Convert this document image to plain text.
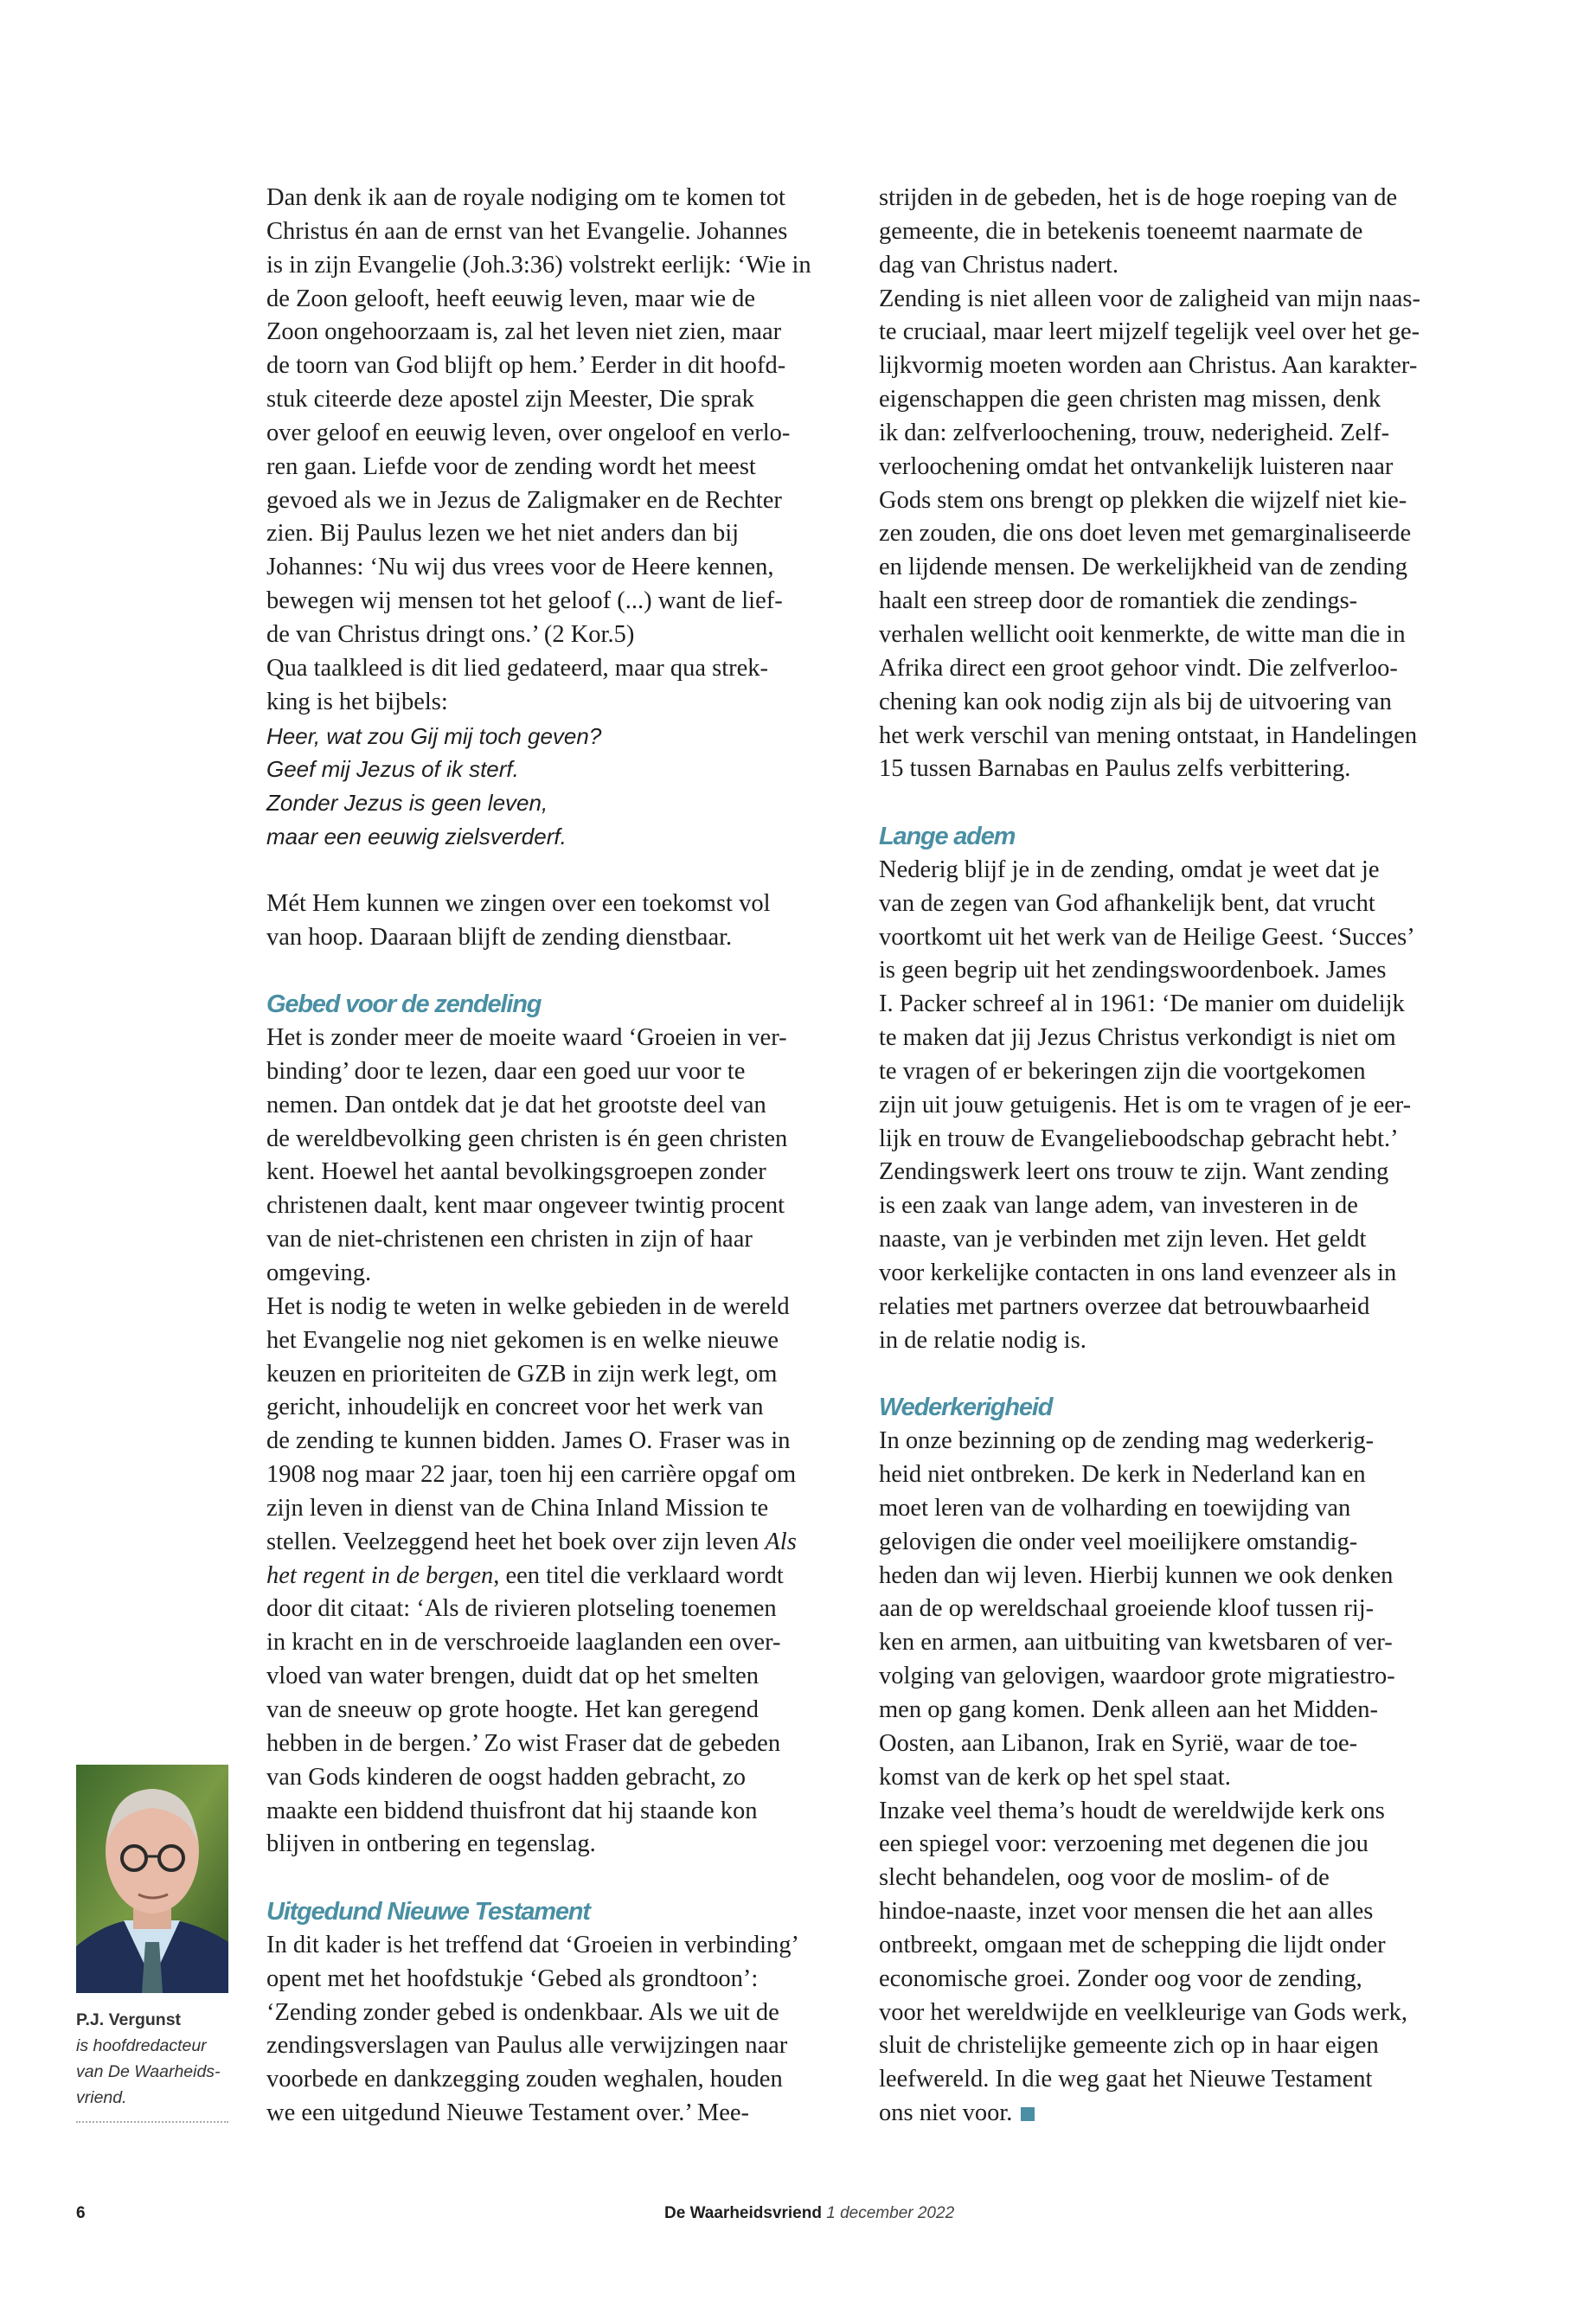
Dan denk ik aan de royale nodiging om te komen tot
Christus én aan de ernst van het Evangelie. Johannes
is in zijn Evangelie (Joh.3:36) volstrekt eerlijk: ‘Wie in
de Zoon gelooft, heeft eeuwig leven, maar wie de
Zoon ongehoorzaam is, zal het leven niet zien, maar
de toorn van God blijft op hem.’ Eerder in dit hoofd-
stuk citeerde deze apostel zijn Meester, Die sprak
over geloof en eeuwig leven, over ongeloof en verlo-
ren gaan. Liefde voor de zending wordt het meest
gevoed als we in Jezus de Zaligmaker en de Rechter
zien. Bij Paulus lezen we het niet anders dan bij
Johannes: ‘Nu wij dus vrees voor de Heere kennen,
bewegen wij mensen tot het geloof (...) want de lief-
de van Christus dringt ons.’ (2 Kor.5)
Qua taalkleed is dit lied gedateerd, maar qua strek-
king is het bijbels:
Heer, wat zou Gij mij toch geven?
Geef mij Jezus of ik sterf.
Zonder Jezus is geen leven,
maar een eeuwig zielsverderf.
Mét Hem kunnen we zingen over een toekomst vol
van hoop. Daaraan blijft de zending dienstbaar.
Gebed voor de zendeling
Het is zonder meer de moeite waard ‘Groeien in ver-
binding’ door te lezen, daar een goed uur voor te
nemen. Dan ontdek dat je dat het grootste deel van
de wereldbevolking geen christen is én geen christen
kent. Hoewel het aantal bevolkingsgroepen zonder
christenen daalt, kent maar ongeveer twintig procent
van de niet-christenen een christen in zijn of haar
omgeving.
Het is nodig te weten in welke gebieden in de wereld
het Evangelie nog niet gekomen is en welke nieuwe
keuzen en prioriteiten de GZB in zijn werk legt, om
gericht, inhoudelijk en concreet voor het werk van
de zending te kunnen bidden. James O. Fraser was in
1908 nog maar 22 jaar, toen hij een carrière opgaf om
zijn leven in dienst van de China Inland Mission te
stellen. Veelzeggend heet het boek over zijn leven Als
het regent in de bergen, een titel die verklaard wordt
door dit citaat: ‘Als de rivieren plotseling toenemen
in kracht en in de verschroeide laaglanden een over-
vloed van water brengen, duidt dat op het smelten
van de sneeuw op grote hoogte. Het kan geregend
hebben in de bergen.’ Zo wist Fraser dat de gebeden
van Gods kinderen de oogst hadden gebracht, zo
maakte een biddend thuisfront dat hij staande kon
blijven in ontbering en tegenslag.
Uitgedund Nieuwe Testament
In dit kader is het treffend dat ‘Groeien in verbinding’
opent met het hoofdstukje ‘Gebed als grondtoon’:
‘Zending zonder gebed is ondenkbaar. Als we uit de
zendingsverslagen van Paulus alle verwijzingen naar
voorbede en dankzegging zouden weghalen, houden
we een uitgedund Nieuwe Testament over.’ Mee-
strijden in de gebeden, het is de hoge roeping van de
gemeente, die in betekenis toeneemt naarmate de
dag van Christus nadert.
Zending is niet alleen voor de zaligheid van mijn naas-
te cruciaal, maar leert mijzelf tegelijk veel over het ge-
lijkvormig moeten worden aan Christus. Aan karakter-
eigenschappen die geen christen mag missen, denk
ik dan: zelfverloochening, trouw, nederigheid. Zelf-
verloochening omdat het ontvankelijk luisteren naar
Gods stem ons brengt op plekken die wijzelf niet kie-
zen zouden, die ons doet leven met gemarginaliseerde
en lijdende mensen. De werkelijkheid van de zending
haalt een streep door de romantiek die zendings-
verhalen wellicht ooit kenmerkte, de witte man die in
Afrika direct een groot gehoor vindt. Die zelfverloo-
chening kan ook nodig zijn als bij de uitvoering van
het werk verschil van mening ontstaat, in Handelingen
15 tussen Barnabas en Paulus zelfs verbittering.
Lange adem
Nederig blijf je in de zending, omdat je weet dat je
van de zegen van God afhankelijk bent, dat vrucht
voortkomt uit het werk van de Heilige Geest. ‘Succes’
is geen begrip uit het zendingswoordenboek. James
I. Packer schreef al in 1961: ‘De manier om duidelijk
te maken dat jij Jezus Christus verkondigt is niet om
te vragen of er bekeringen zijn die voortgekomen
zijn uit jouw getuigenis. Het is om te vragen of je eer-
lijk en trouw de Evangelieboodschap gebracht hebt.’
Zendingswerk leert ons trouw te zijn. Want zending
is een zaak van lange adem, van investeren in de
naaste, van je verbinden met zijn leven. Het geldt
voor kerkelijke contacten in ons land evenzeer als in
relaties met partners overzee dat betrouwbaarheid
in de relatie nodig is.
Wederkerigheid
In onze bezinning op de zending mag wederkerig-
heid niet ontbreken. De kerk in Nederland kan en
moet leren van de volharding en toewijding van
gelovigen die onder veel moeilijkere omstandig-
heden dan wij leven. Hierbij kunnen we ook denken
aan de op wereldschaal groeiende kloof tussen rij-
ken en armen, aan uitbuiting van kwetsbaren of ver-
volging van gelovigen, waardoor grote migratiestro-
men op gang komen. Denk alleen aan het Midden-
Oosten, aan Libanon, Irak en Syrië, waar de toe-
komst van de kerk op het spel staat.
Inzake veel thema’s houdt de wereldwijde kerk ons
een spiegel voor: verzoening met degenen die jou
slecht behandelen, oog voor de moslim- of de
hindoe-naaste, inzet voor mensen die het aan alles
ontbreekt, omgaan met de schepping die lijdt onder
economische groei. Zonder oog voor de zending,
voor het wereldwijde en veelkleurige van Gods werk,
sluit de christelijke gemeente zich op in haar eigen
leefwereld. In die weg gaat het Nieuwe Testament
ons niet voor.
P.J. Vergunst
is hoofdredacteur
van De Waarheids-
vriend.
6	De Waarheidsvriend 1 december 2022
